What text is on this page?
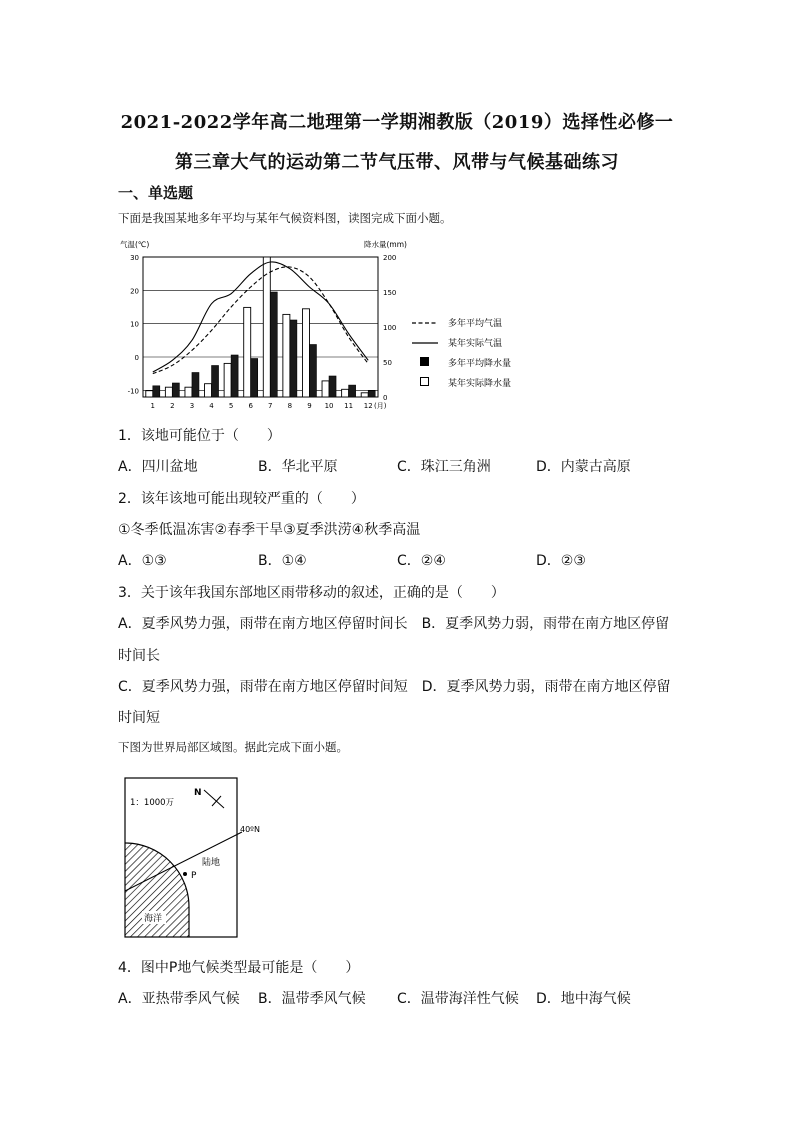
2021-2022学年高二地理第一学期湘教版（2019）选择性必修一
第三章大气的运动第二节气压带、风带与气候基础练习
一、单选题
下面是我国某地多年平均与某年气候资料图，读图完成下面小题。
气温(℃)	降水量(mm)
30
20
10
0
-10
200
150
100
50
0
1 2 3 4 5 6 7 8 9 10 11 12 (月)
多年平均气温
某年实际气温
多年平均降水量
某年实际降水量
1．该地可能位于（　　）
A．四川盆地	B．华北平原	C．珠江三角洲	D．内蒙古高原
2．该年该地可能出现较严重的（　　）
①冬季低温冻害②春季干旱③夏季洪涝④秋季高温
A．①③	B．①④	C．②④	D．②③
3．关于该年我国东部地区雨带移动的叙述，正确的是（　　）
A．夏季风势力强，雨带在南方地区停留时间长　B．夏季风势力弱，雨带在南方地区停留
时间长
C．夏季风势力强，雨带在南方地区停留时间短　D．夏季风势力弱，雨带在南方地区停留
时间短
下图为世界局部区域图。据此完成下面小题。
1：1000万
N
40ºN
陆地
P
海洋
4．图中P地气候类型最可能是（　　）
A．亚热带季风气候 B．温带季风气候 C．温带海洋性气候 D．地中海气候
